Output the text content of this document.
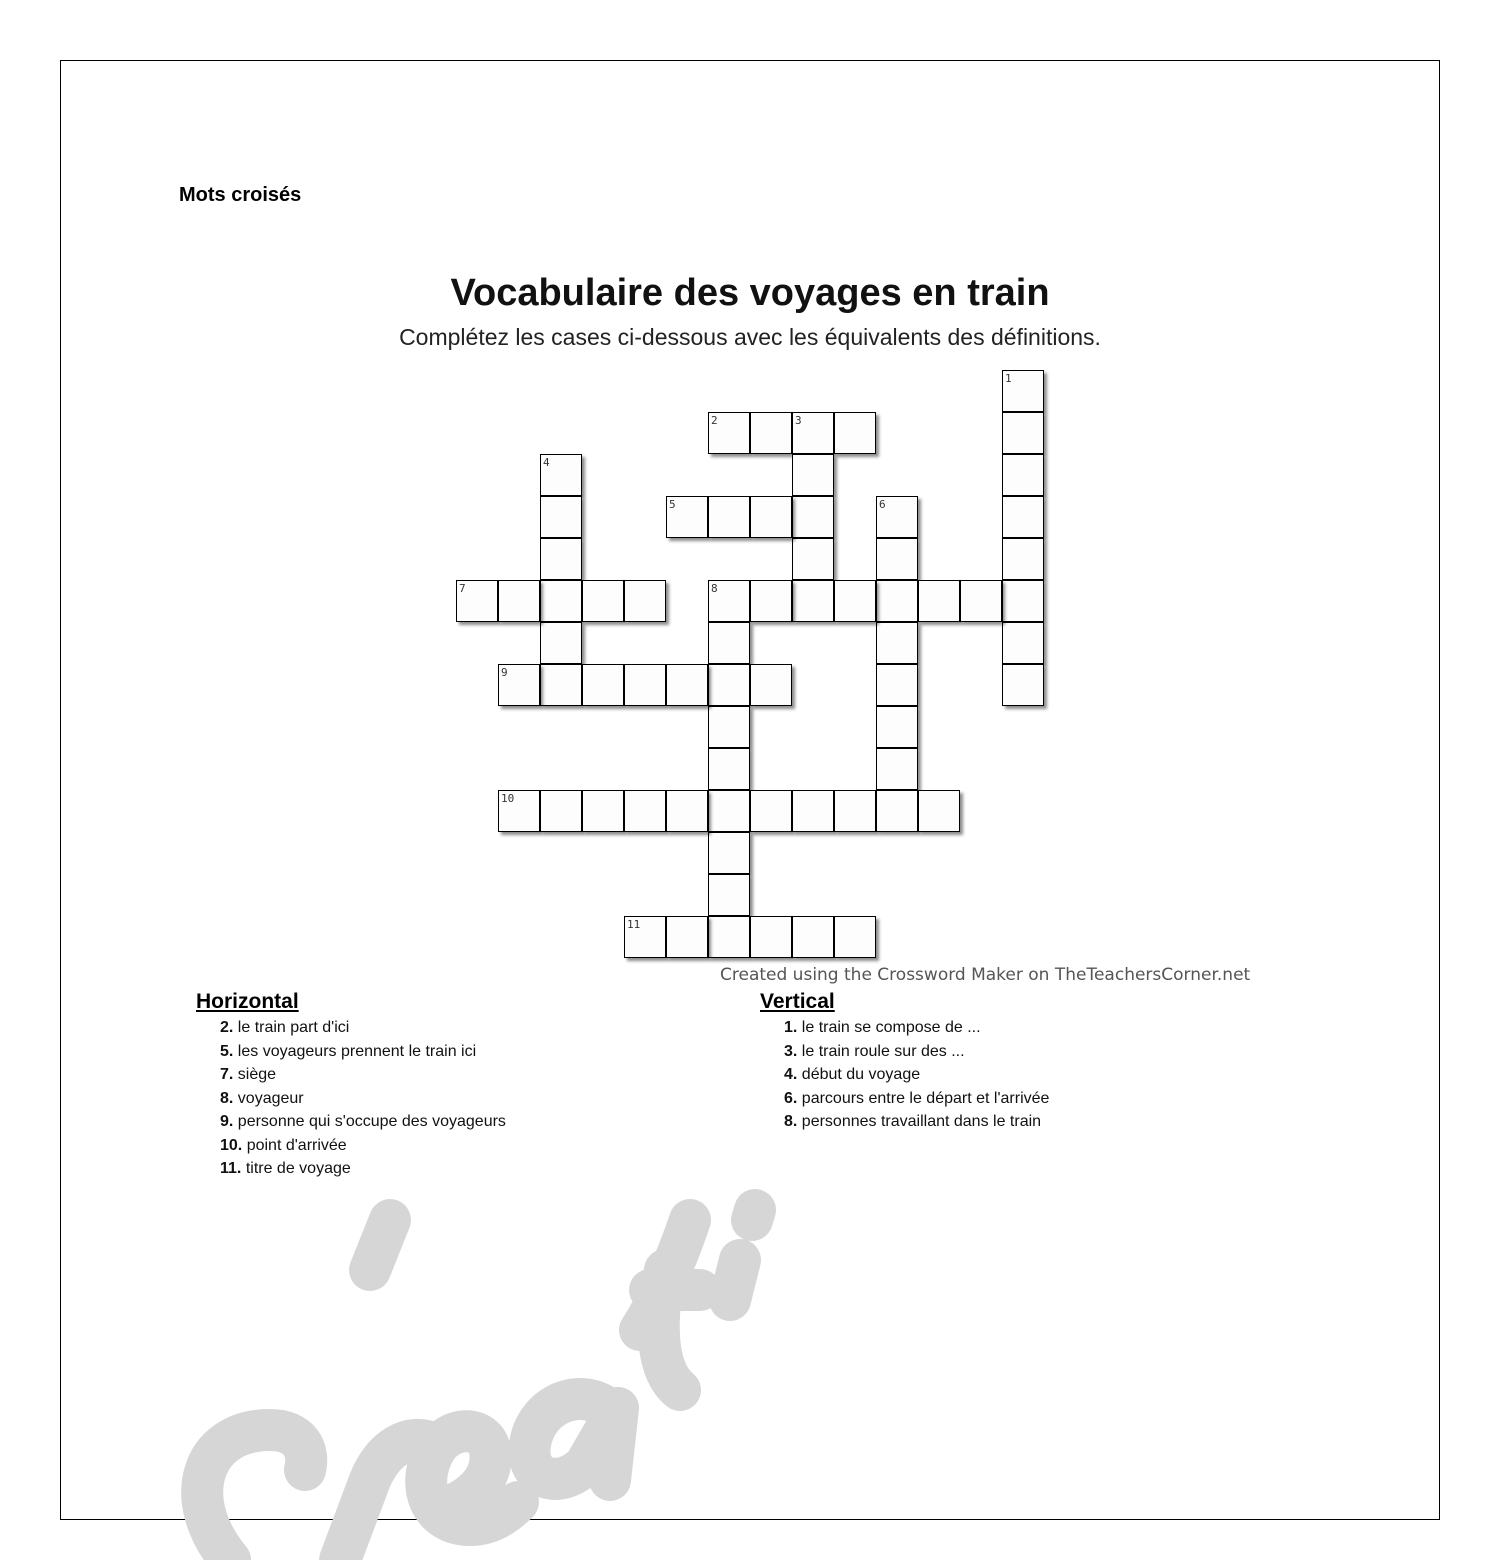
Mots croisés
Vocabulaire des voyages en train
Complétez les cases ci-dessous avec les équivalents des définitions.
1
2	3
4
5	6
7	8
9
10
11
Created using the Crossword Maker on TheTeachersCorner.net
Horizontal
2. le train part d'ici
5. les voyageurs prennent le train ici
7. siège
8. voyageur
9. personne qui s'occupe des voyageurs
10. point d'arrivée
11. titre de voyage
Vertical
1. le train se compose de ...
3. le train roule sur des ...
4. début du voyage
6. parcours entre le départ et l'arrivée
8. personnes travaillant dans le train
